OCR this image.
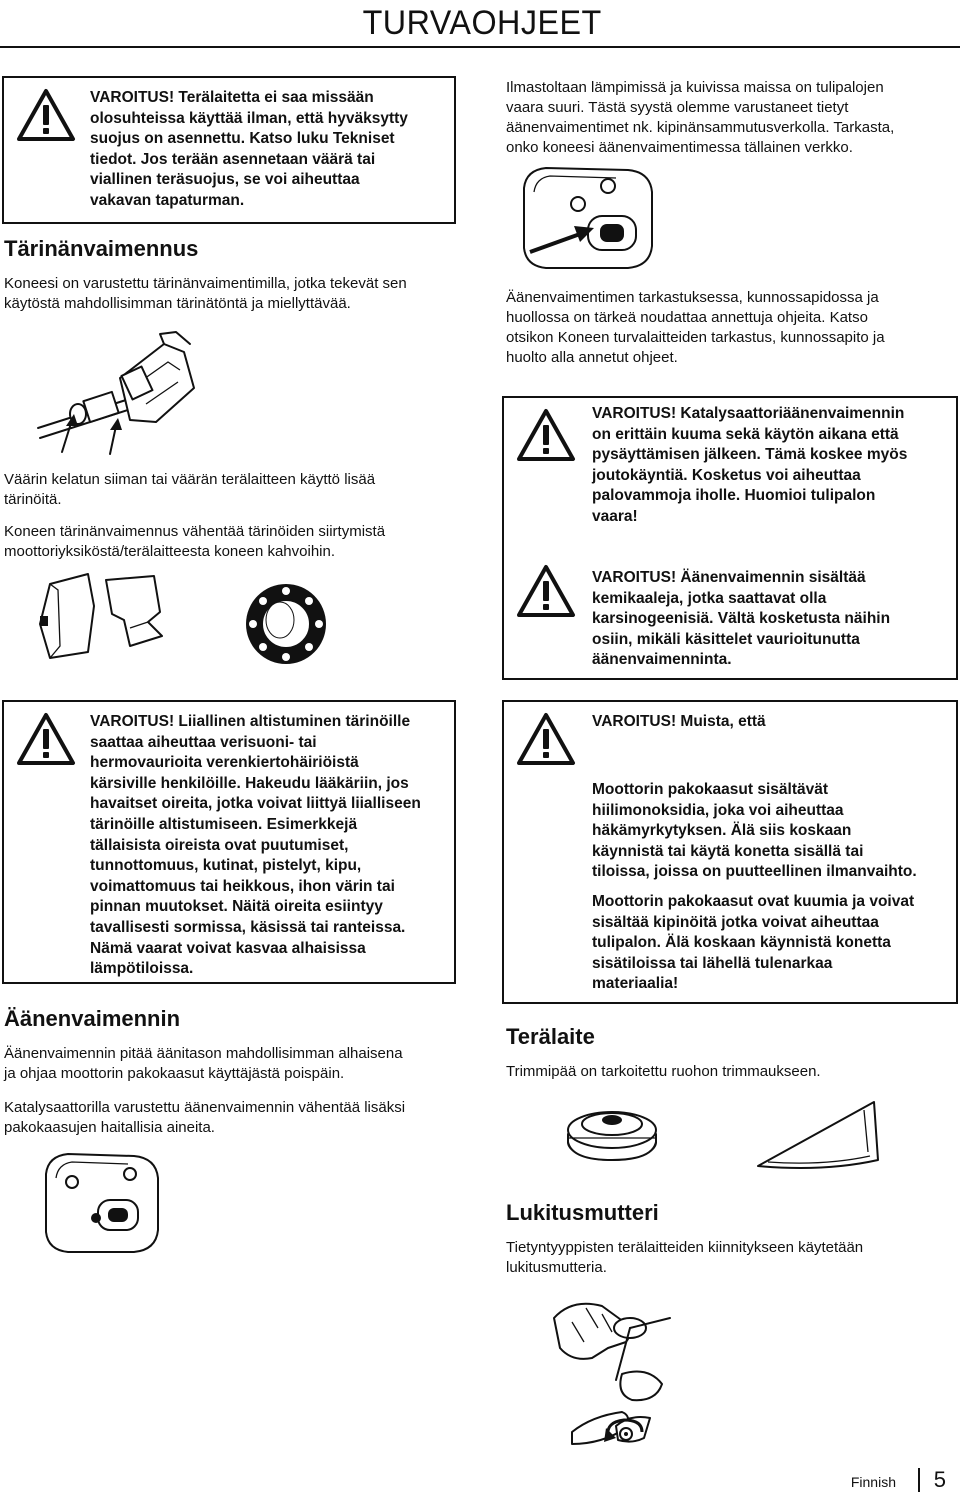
TURVAOHJEET
VAROITUS! Terälaitetta ei saa missään
olosuhteissa käyttää ilman, että hyväksytty
suojus on asennettu. Katso luku Tekniset
tiedot. Jos terään asennetaan väärä tai
viallinen teräsuojus, se voi aiheuttaa
vakavan tapaturman.
Tärinänvaimennus
Koneesi on varustettu tärinänvaimentimilla, jotka tekevät sen
käytöstä mahdollisimman tärinätöntä ja miellyttävää.
Väärin kelatun siiman tai väärän terälaitteen käyttö lisää
tärinöitä.
Koneen tärinänvaimennus vähentää tärinöiden siirtymistä
moottoriyksiköstä/terälaitteesta koneen kahvoihin.
VAROITUS! Liiallinen altistuminen tärinöille
saattaa aiheuttaa verisuoni- tai
hermovaurioita verenkiertohäiriöistä
kärsiville henkilöille. Hakeudu lääkäriin, jos
havaitset oireita, jotka voivat liittyä liialliseen
tärinöille altistumiseen. Esimerkkejä
tällaisista oireista ovat puutumiset,
tunnottomuus, kutinat, pistelyt, kipu,
voimattomuus tai heikkous, ihon värin tai
pinnan muutokset. Näitä oireita esiintyy
tavallisesti sormissa, käsissä tai ranteissa.
Nämä vaarat voivat kasvaa alhaisissa
lämpötiloissa.
Äänenvaimennin
Äänenvaimennin pitää äänitason mahdollisimman alhaisena
ja ohjaa moottorin pakokaasut käyttäjästä poispäin.
Katalysaattorilla varustettu äänenvaimennin vähentää lisäksi
pakokaasujen haitallisia aineita.
Ilmastoltaan lämpimissä ja kuivissa maissa on tulipalojen
vaara suuri. Tästä syystä olemme varustaneet tietyt
äänenvaimentimet nk. kipinänsammutusverkolla. Tarkasta,
onko koneesi äänenvaimentimessa tällainen verkko.
Äänenvaimentimen tarkastuksessa, kunnossapidossa ja
huollossa on tärkeä noudattaa annettuja ohjeita. Katso
otsikon Koneen turvalaitteiden tarkastus, kunnossapito ja
huolto alla annetut ohjeet.
VAROITUS! Katalysaattoriäänenvaimennin
on erittäin kuuma sekä käytön aikana että
pysäyttämisen jälkeen. Tämä koskee myös
joutokäyntiä. Kosketus voi aiheuttaa
palovammoja iholle. Huomioi tulipalon
vaara!
VAROITUS! Äänenvaimennin sisältää
kemikaaleja, jotka saattavat olla
karsinogeenisiä. Vältä kosketusta näihin
osiin, mikäli käsittelet vaurioitunutta
äänenvaimenninta.
VAROITUS! Muista, että
Moottorin pakokaasut sisältävät
hiilimonoksidia, joka voi aiheuttaa
häkämyrkytyksen. Älä siis koskaan
käynnistä tai käytä konetta sisällä tai
tiloissa, joissa on puutteellinen ilmanvaihto.
Moottorin pakokaasut ovat kuumia ja voivat
sisältää kipinöitä jotka voivat aiheuttaa
tulipalon. Älä koskaan käynnistä konetta
sisätiloissa tai lähellä tulenarkaa
materiaalia!
Terälaite
Trimmipää on tarkoitettu ruohon trimmaukseen.
Lukitusmutteri
Tietyntyyppisten terälaitteiden kiinnitykseen käytetään
lukitusmutteria.
Finnish 5
